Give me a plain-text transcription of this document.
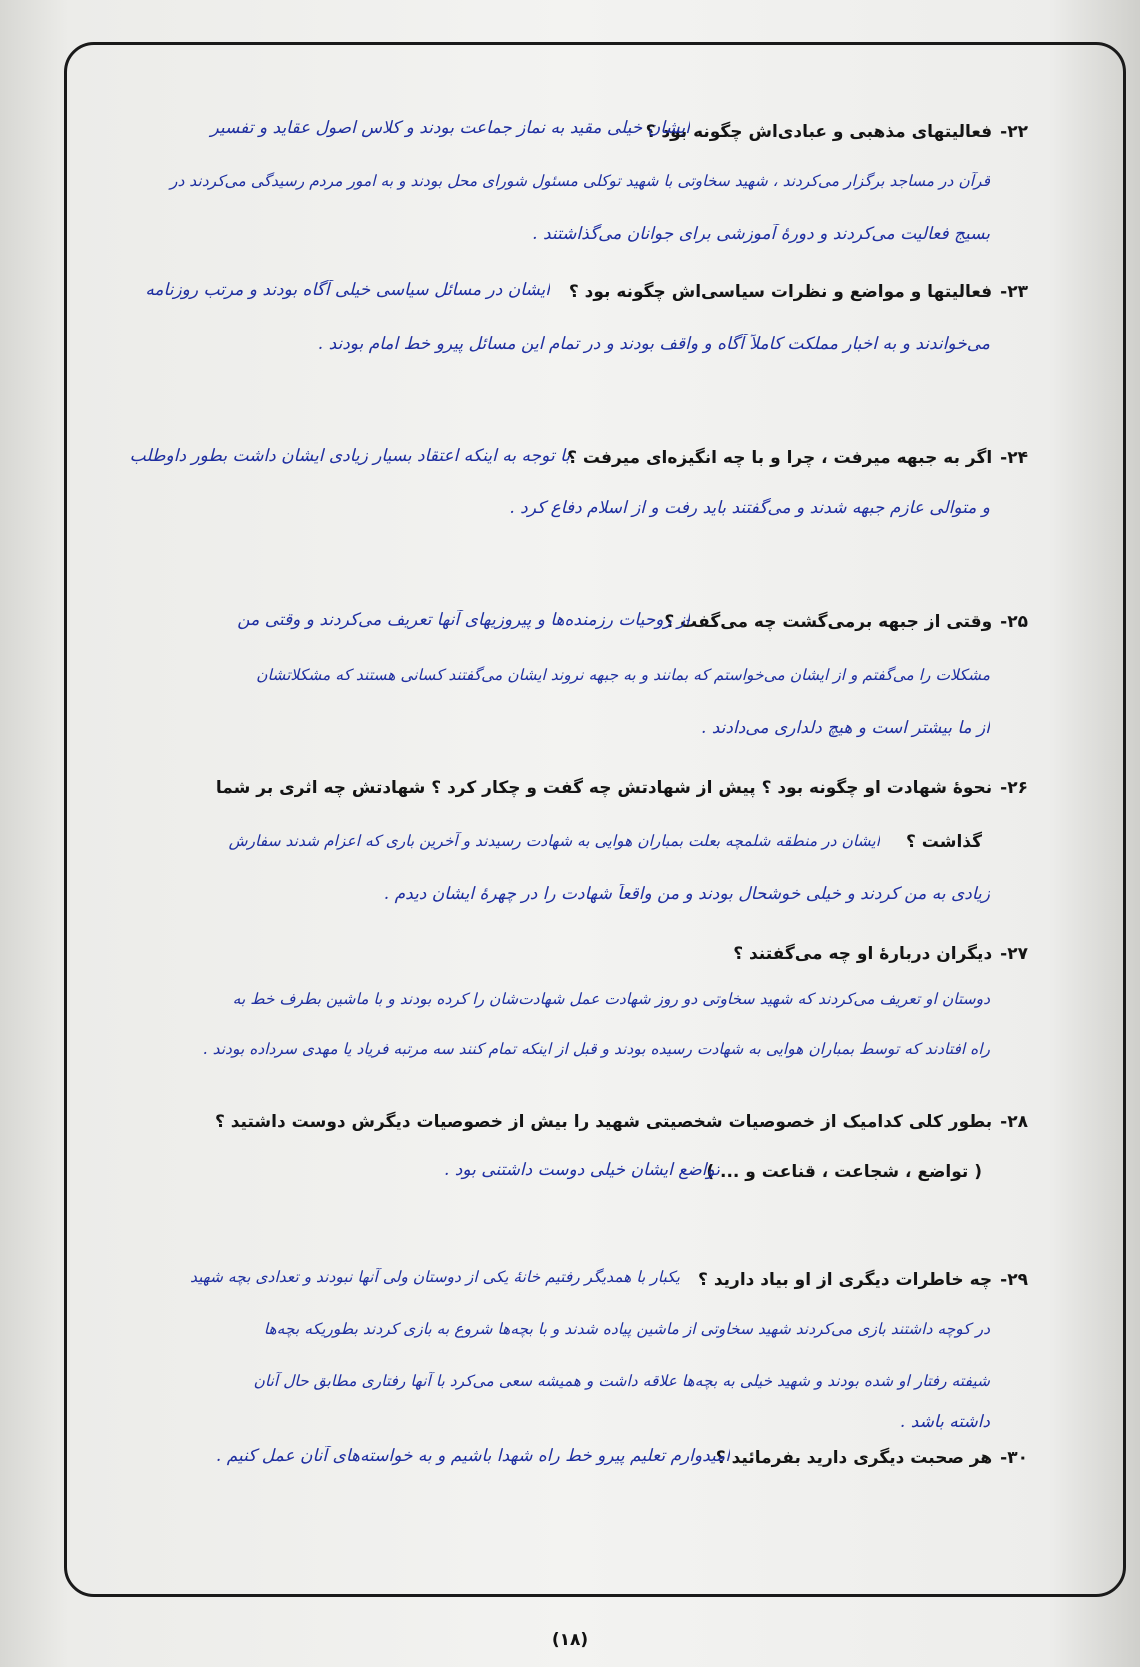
۲۲-فعالیتهای مذهبی و عبادی‌اش چگونه بود ؟
ایشان خیلی مقید به نماز جماعت بودند و کلاس اصول عقاید و تفسیر
قرآن در مساجد برگزار می‌کردند ، شهید سخاوتی با شهید توکلی مسئول شورای محل بودند و به امور مردم رسیدگی می‌کردند در
بسیج فعالیت می‌کردند و دورهٔ آموزشی برای جوانان می‌گذاشتند .
۲۳-فعالیتها و مواضع و نظرات سیاسی‌اش چگونه بود ؟
ایشان در مسائل سیاسی خیلی آگاه بودند و مرتب روزنامه
می‌خواندند و به اخبار مملکت کاملاً آگاه و واقف بودند و در تمام این مسائل پیرو خط امام بودند .
۲۴-اگر به جبهه میرفت ، چرا و با چه انگیزه‌ای میرفت ؟
با توجه به اینکه اعتقاد بسیار زیادی ایشان داشت بطور داوطلب
و متوالی عازم جبهه شدند و می‌گفتند باید رفت و از اسلام دفاع کرد .
۲۵-وقتی از جبهه برمی‌گشت چه می‌گفت ؟
از روحیات رزمنده‌ها و پیروزیهای آنها تعریف می‌کردند و وقتی من
مشکلات را می‌گفتم و از ایشان می‌خواستم که بمانند و به جبهه نروند ایشان می‌گفتند کسانی هستند که مشکلاتشان
از ما بیشتر است و هیچ دلداری می‌دادند .
۲۶-نحوهٔ شهادت او چگونه بود ؟ پیش از شهادتش چه گفت و چکار کرد ؟ شهادتش چه اثری بر شما
گذاشت ؟
ایشان در منطقه شلمچه بعلت بمباران هوایی به شهادت رسیدند و آخرین باری که اعزام شدند سفارش
زیادی به من کردند و خیلی خوشحال بودند و من واقعاً شهادت را در چهرهٔ ایشان دیدم .
۲۷-دیگران دربارهٔ او چه می‌گفتند ؟
دوستان او تعریف می‌کردند که شهید سخاوتی دو روز شهادت عمل شهادت‌شان را کرده بودند و با ماشین بطرف خط به
راه افتادند که توسط بمباران هوایی به شهادت رسیده بودند و قبل از اینکه تمام کنند سه مرتبه فریاد یا مهدی سرداده بودند .
۲۸-بطور کلی کدامیک از خصوصیات شخصیتی شهید را بیش از خصوصیات دیگرش دوست داشتید ؟
( تواضع ، شجاعت ، قناعت و ... )
تواضع ایشان خیلی دوست داشتنی بود .
۲۹-چه خاطرات دیگری از او بیاد دارید ؟
یکبار با همدیگر رفتیم خانهٔ یکی از دوستان ولی آنها نبودند و تعدادی بچه شهید
در کوچه داشتند بازی می‌کردند شهید سخاوتی از ماشین پیاده شدند و با بچه‌ها شروع به بازی کردند بطوریکه بچه‌ها
شیفته رفتار او شده بودند و شهید خیلی به بچه‌ها علاقه داشت و همیشه سعی می‌کرد با آنها رفتاری مطابق حال آنان
داشته باشد .
۳۰-هر صحبت دیگری دارید بفرمائید ؟
امیدوارم تعلیم پیرو خط راه شهدا باشیم و به خواسته‌های آنان عمل کنیم .
(۱۸)
